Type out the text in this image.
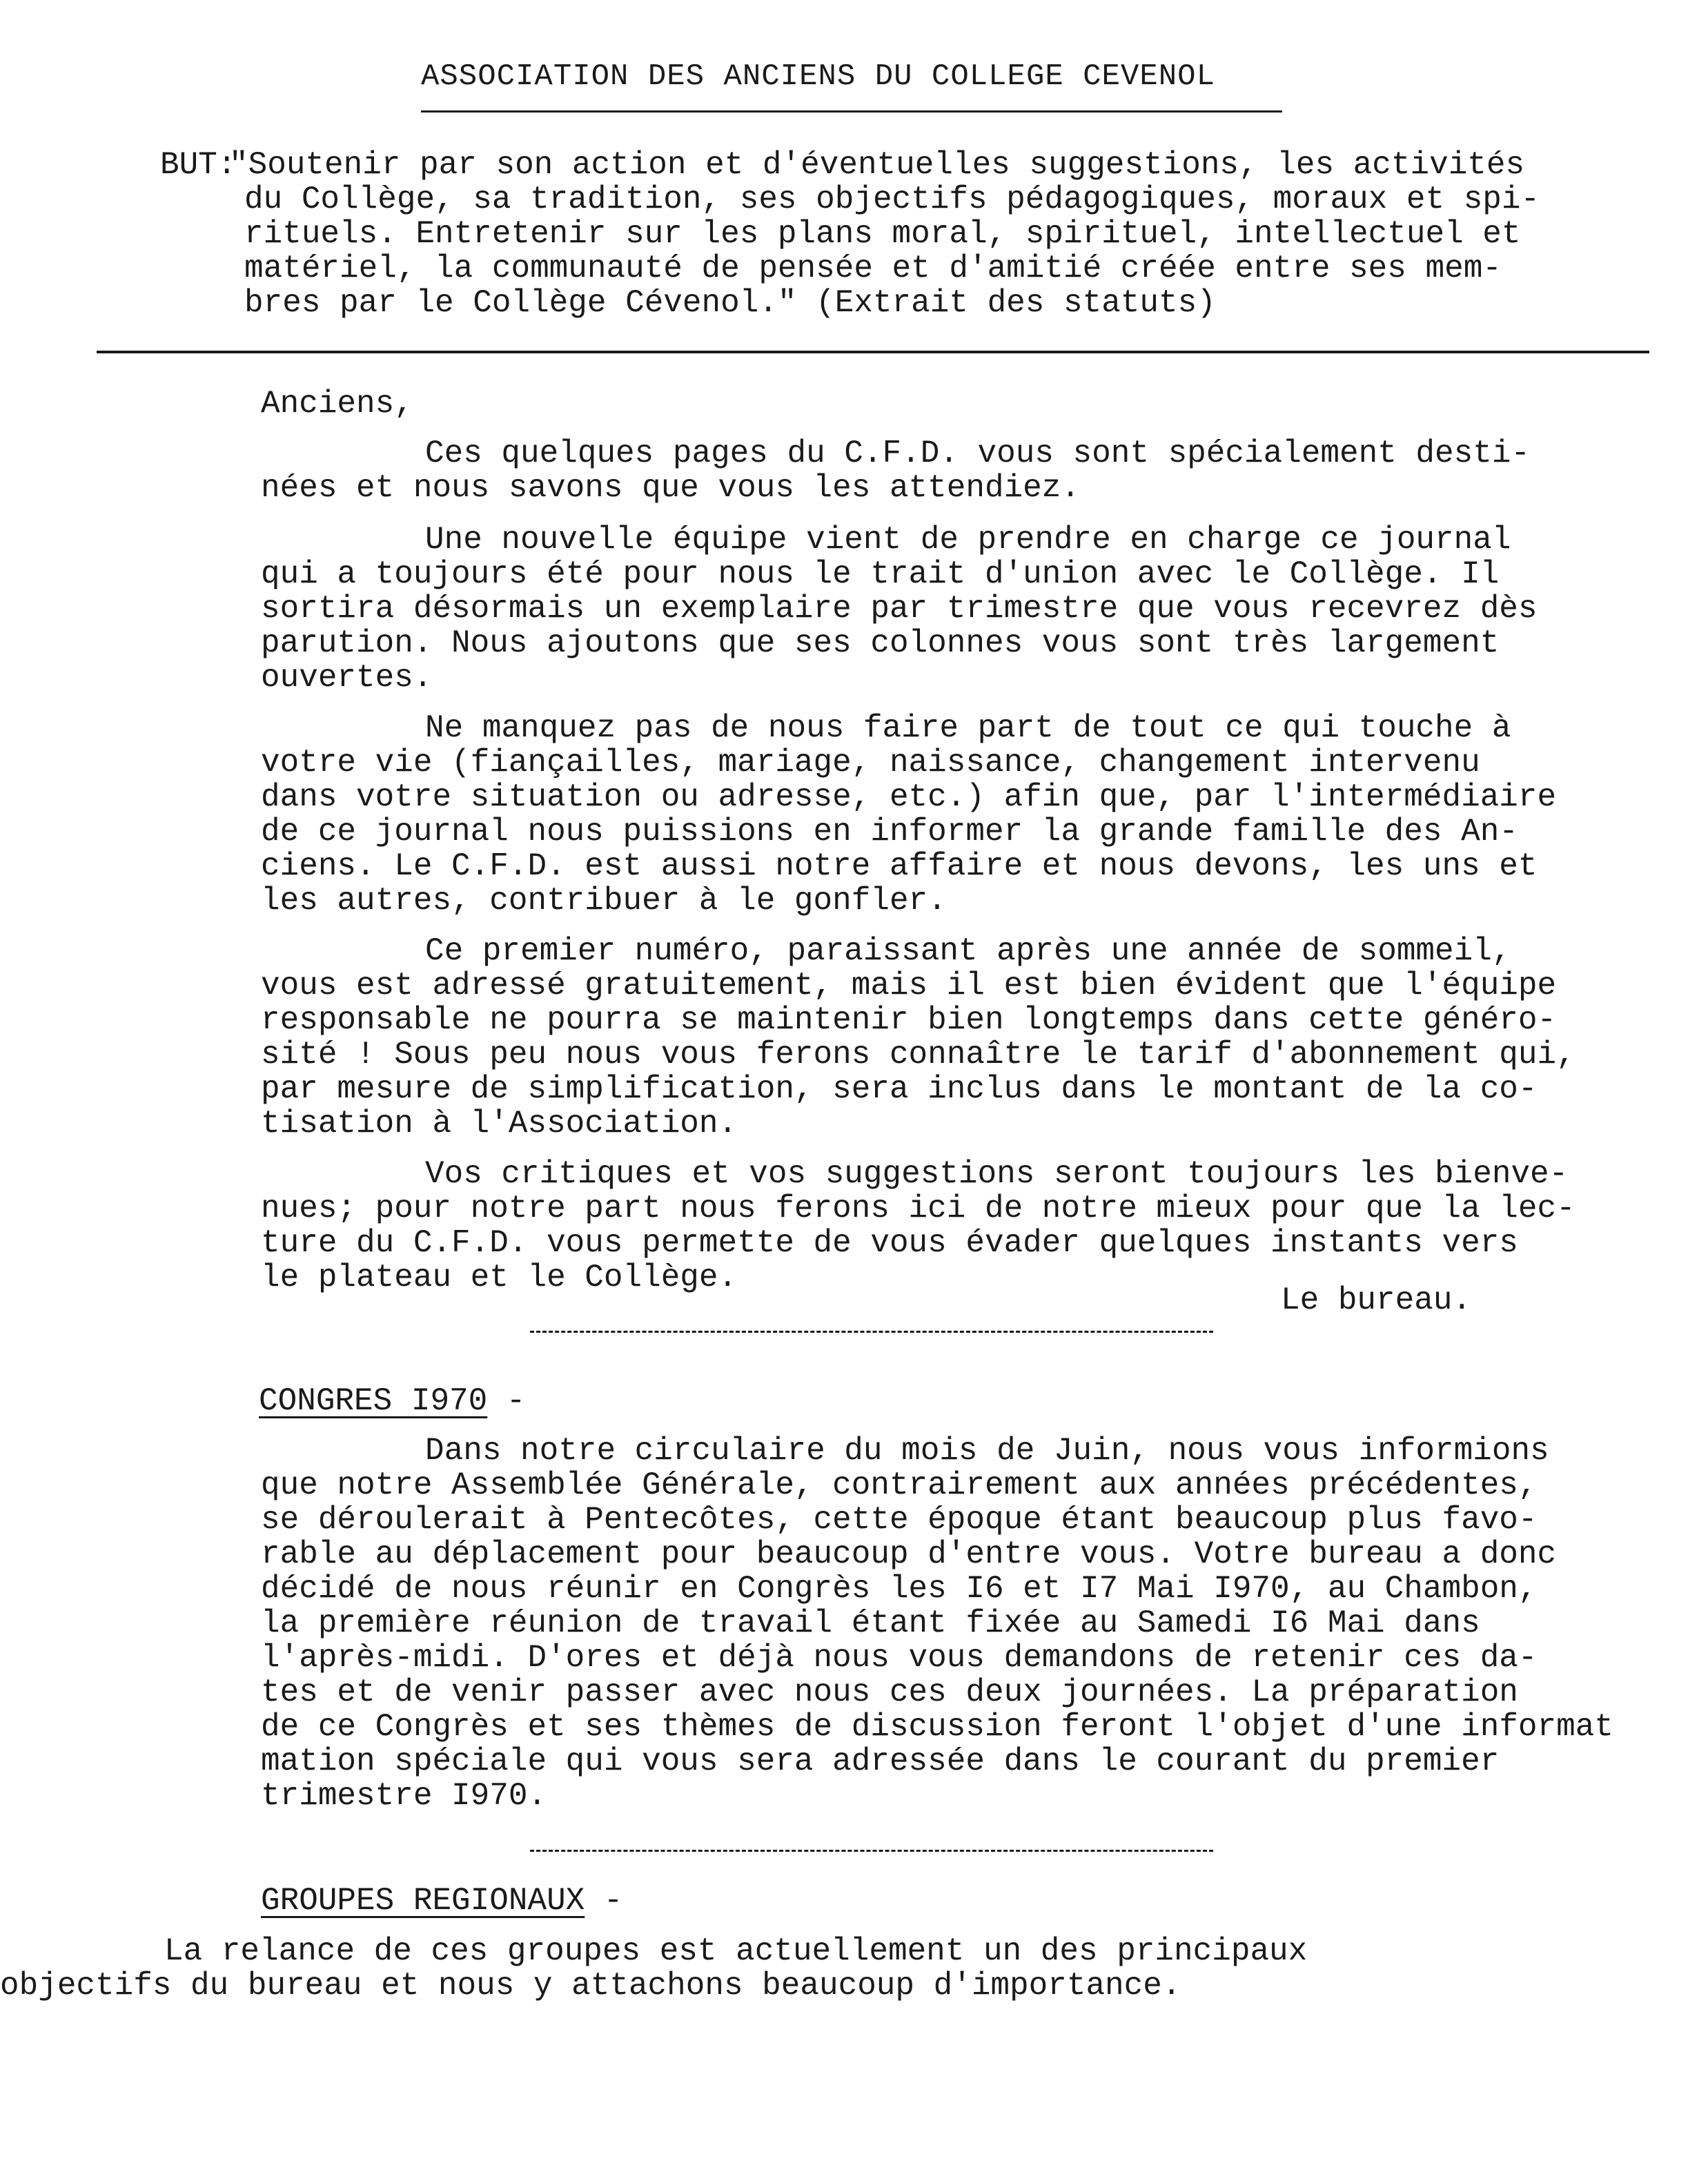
ASSOCIATION DES ANCIENS DU COLLEGE CEVENOL
BUT:
"Soutenir par son action et d'éventuelles suggestions, les activités
du Collège, sa tradition, ses objectifs pédagogiques, moraux et spi-
rituels. Entretenir sur les plans moral, spirituel, intellectuel et
matériel, la communauté de pensée et d'amitié créée entre ses mem-
bres par le Collège Cévenol." (Extrait des statuts)
Anciens,
Ces quelques pages du C.F.D. vous sont spécialement desti-
nées et nous savons que vous les attendiez.
Une nouvelle équipe vient de prendre en charge ce journal
qui a toujours été pour nous le trait d'union avec le Collège. Il
sortira désormais un exemplaire par trimestre que vous recevrez dès
parution. Nous ajoutons que ses colonnes vous sont très largement
ouvertes.
Ne manquez pas de nous faire part de tout ce qui touche à
votre vie (fiançailles, mariage, naissance, changement intervenu
dans votre situation ou adresse, etc.) afin que, par l'intermédiaire
de ce journal nous puissions en informer la grande famille des An-
ciens. Le C.F.D. est aussi notre affaire et nous devons, les uns et
les autres, contribuer à le gonfler.
Ce premier numéro, paraissant après une année de sommeil,
vous est adressé gratuitement, mais il est bien évident que l'équipe
responsable ne pourra se maintenir bien longtemps dans cette généro-
sité ! Sous peu nous vous ferons connaître le tarif d'abonnement qui,
par mesure de simplification, sera inclus dans le montant de la co-
tisation à l'Association.
Vos critiques et vos suggestions seront toujours les bienve-
nues; pour notre part nous ferons ici de notre mieux pour que la lec-
ture du C.F.D. vous permette de vous évader quelques instants vers
le plateau et le Collège.
Le bureau.
CONGRES I970 -
Dans notre circulaire du mois de Juin, nous vous informions
que notre Assemblée Générale, contrairement aux années précédentes,
se déroulerait à Pentecôtes, cette époque étant beaucoup plus favo-
rable au déplacement pour beaucoup d'entre vous. Votre bureau a donc
décidé de nous réunir en Congrès les I6 et I7 Mai I970, au Chambon,
la première réunion de travail étant fixée au Samedi I6 Mai dans
l'après-midi. D'ores et déjà nous vous demandons de retenir ces da-
tes et de venir passer avec nous ces deux journées. La préparation
de ce Congrès et ses thèmes de discussion feront l'objet d'une informat
mation spéciale qui vous sera adressée dans le courant du premier
trimestre I970.
GROUPES REGIONAUX -
La relance de ces groupes est actuellement un des principaux
objectifs du bureau et nous y attachons beaucoup d'importance.
